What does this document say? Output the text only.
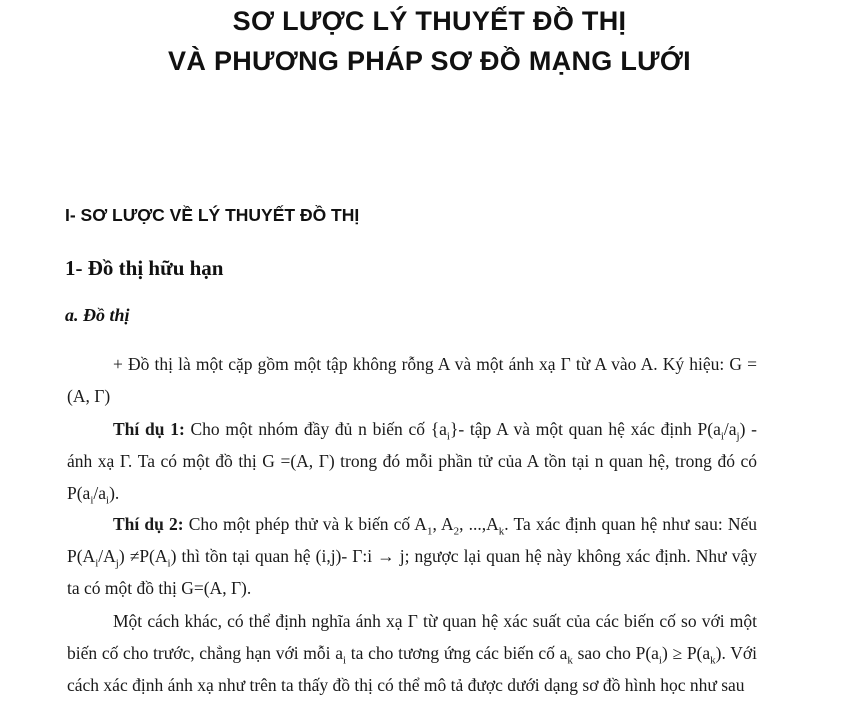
SƠ LƯỢC LÝ THUYẾT ĐỒ THỊ
VÀ PHƯƠNG PHÁP SƠ ĐỒ MẠNG LƯỚI
I- SƠ LƯỢC VỀ LÝ THUYẾT ĐỒ THỊ
1- Đồ thị hữu hạn
a. Đồ thị

+ Đồ thị là một cặp gồm một tập không rỗng A và một ánh xạ Γ từ A vào A. Ký hiệu: G =(A, Γ)

Thí dụ 1: Cho một nhóm đầy đủ n biến cố $\{a_i\}-$ tập A và một quan hệ xác định $P(a_i/a_j)$ - ánh xạ Γ. Ta có một đồ thị G =(A, Γ) trong đó mỗi phần tử của A tồn tại n quan hệ, trong đó có $P(a_i/a_i)$.

Thí dụ 2: Cho một phép thử và k biến cố $A_1$, $A_2$, $...,A_k$. Ta xác định quan hệ như sau: Nếu $P(A_i/A_j) \ne P(A_i)$ thì tồn tại quan hệ (i,j)- Γ:i → j; ngược lại quan hệ này không xác định. Như vậy ta có một đồ thị G=(A, Γ).

Một cách khác, có thể định nghĩa ánh xạ Γ từ quan hệ xác suất của các biến cố so với một biến cố cho trước, chẳng hạn với mỗi $a_i$ ta cho tương ứng các biến cố $a_k$ sao cho $P(a_i) \ge P(a_k)$. Với cách xác định ánh xạ như trên ta thấy đồ thị có thể mô tả được dưới dạng sơ đồ hình học như sau
